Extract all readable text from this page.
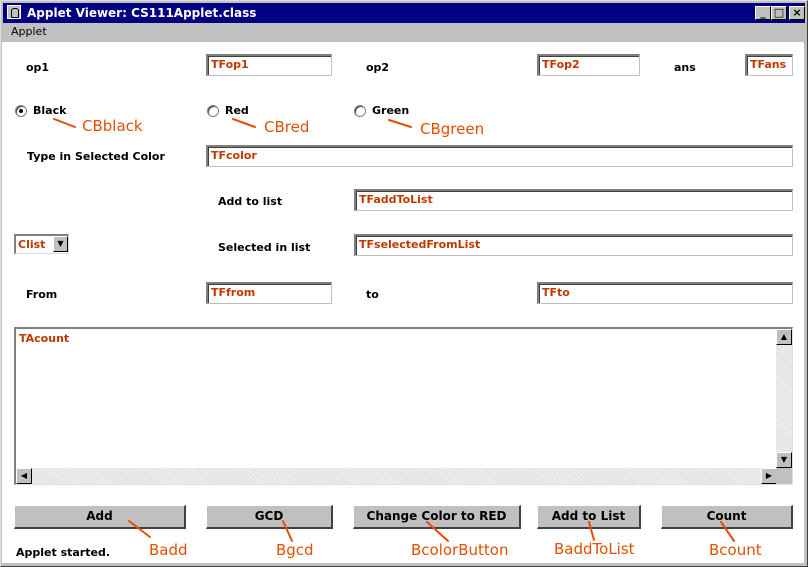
Applet Viewer: CS111Applet.class	_ □ ×
Applet
op1	TFop1	op2	TFop2	ans	TFans
Black	Red	Green
CBblack	CBred	CBgreen
Type in Selected Color	TFcolor
Add to list	TFaddToList
Clist	▼	Selected in list	TFselectedFromList
From	TFfrom	to	TFto
TAcount	▲
▼
◀	▶
Add	GCD	Change Color to RED	Add to List	Count
Applet started.	Badd	Bgcd	BcolorButton	BaddToList	Bcount
